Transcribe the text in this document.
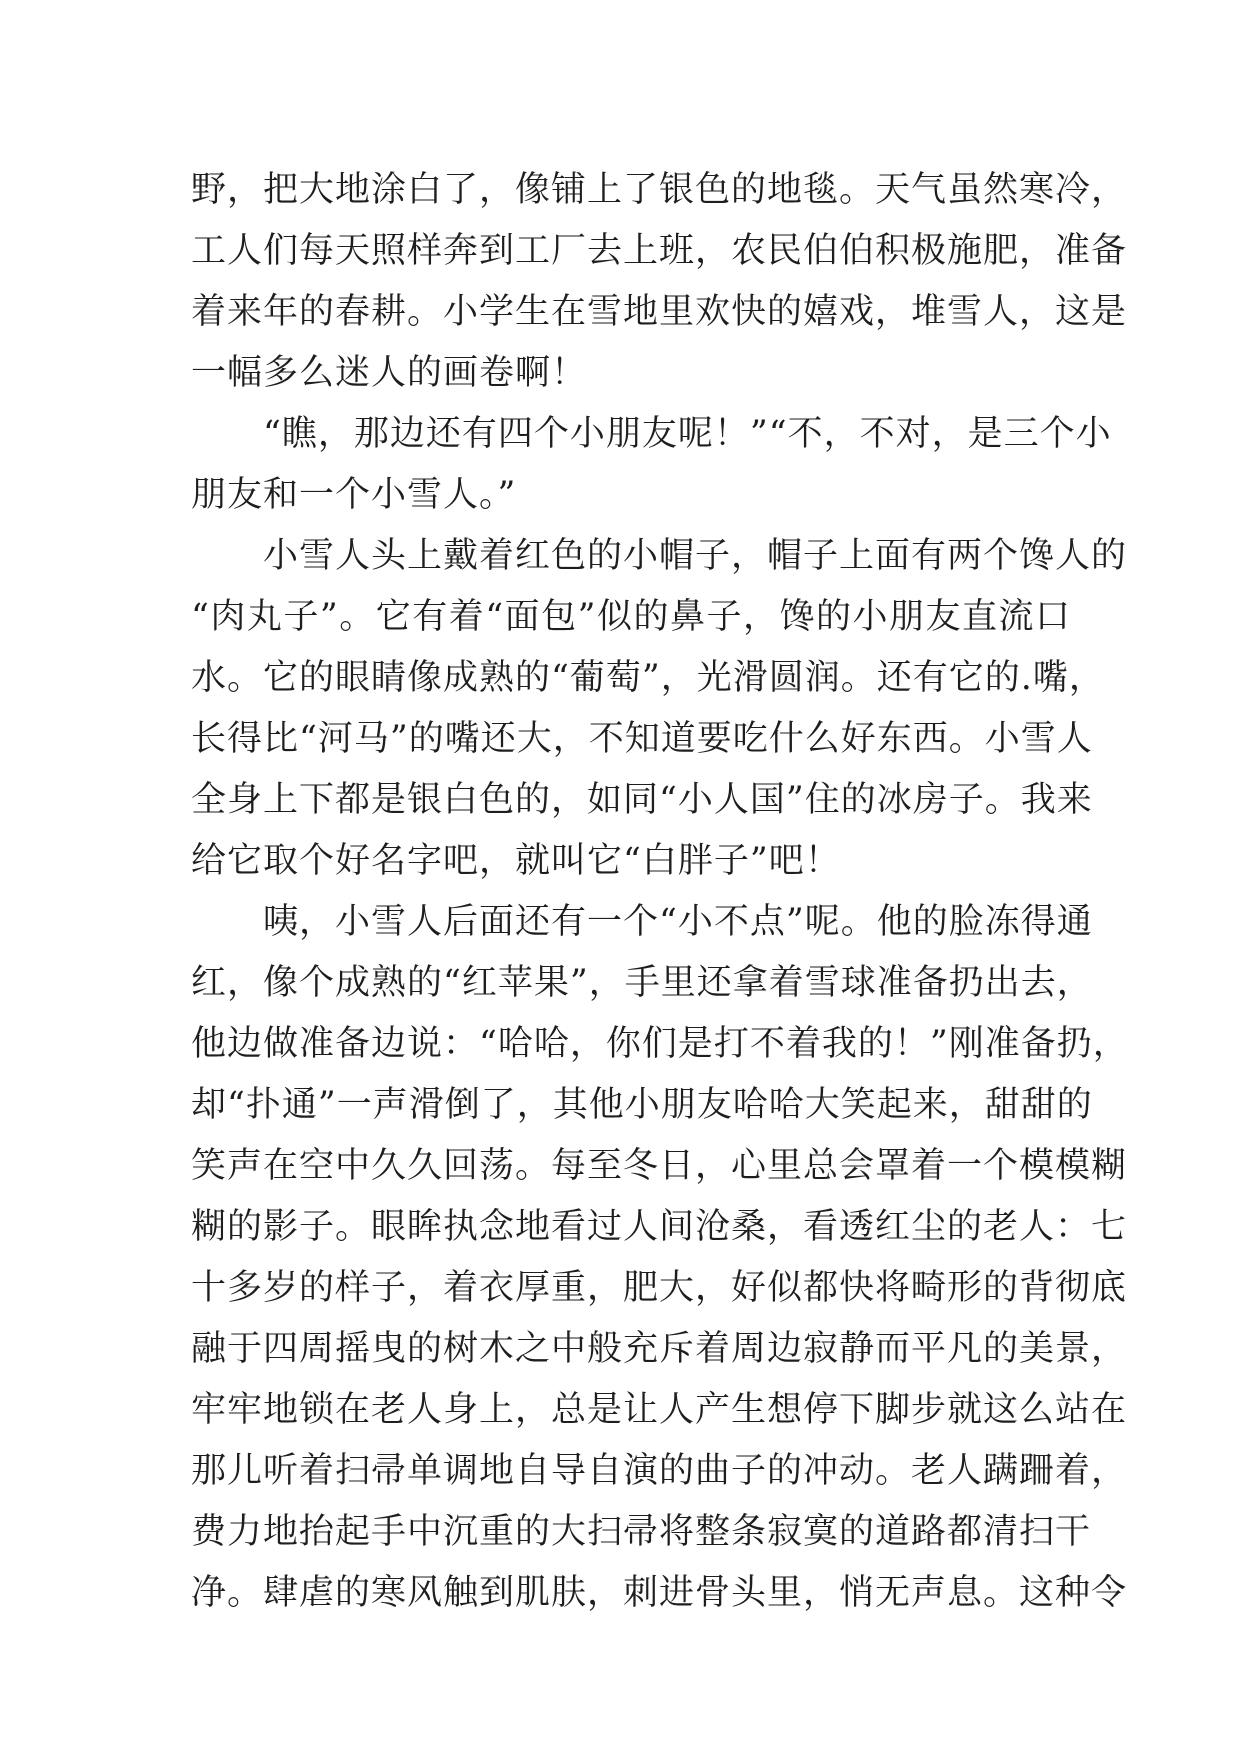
野，把大地涂白了，像铺上了银色的地毯。天气虽然寒冷，
工人们每天照样奔到工厂去上班，农民伯伯积极施肥，准备
着来年的春耕。小学生在雪地里欢快的嬉戏，堆雪人，这是
一幅多么迷人的画卷啊！
　　“瞧，那边还有四个小朋友呢！”“不，不对，是三个小
朋友和一个小雪人。”
　　小雪人头上戴着红色的小帽子，帽子上面有两个馋人的
“肉丸子”。它有着“面包”似的鼻子，馋的小朋友直流口
水。它的眼睛像成熟的“葡萄”，光滑圆润。还有它的.嘴，
长得比“河马”的嘴还大，不知道要吃什么好东西。小雪人
全身上下都是银白色的，如同“小人国”住的冰房子。我来
给它取个好名字吧，就叫它“白胖子”吧！
　　咦，小雪人后面还有一个“小不点”呢。他的脸冻得通
红，像个成熟的“红苹果”，手里还拿着雪球准备扔出去，
他边做准备边说：“哈哈，你们是打不着我的！”刚准备扔，
却“扑通”一声滑倒了，其他小朋友哈哈大笑起来，甜甜的
笑声在空中久久回荡。每至冬日，心里总会罩着一个模模糊
糊的影子。眼眸执念地看过人间沧桑，看透红尘的老人：七
十多岁的样子，着衣厚重，肥大，好似都快将畸形的背彻底
融于四周摇曳的树木之中般充斥着周边寂静而平凡的美景，
牢牢地锁在老人身上，总是让人产生想停下脚步就这么站在
那儿听着扫帚单调地自导自演的曲子的冲动。老人蹒跚着，
费力地抬起手中沉重的大扫帚将整条寂寞的道路都清扫干
净。肆虐的寒风触到肌肤，刺进骨头里，悄无声息。这种令
